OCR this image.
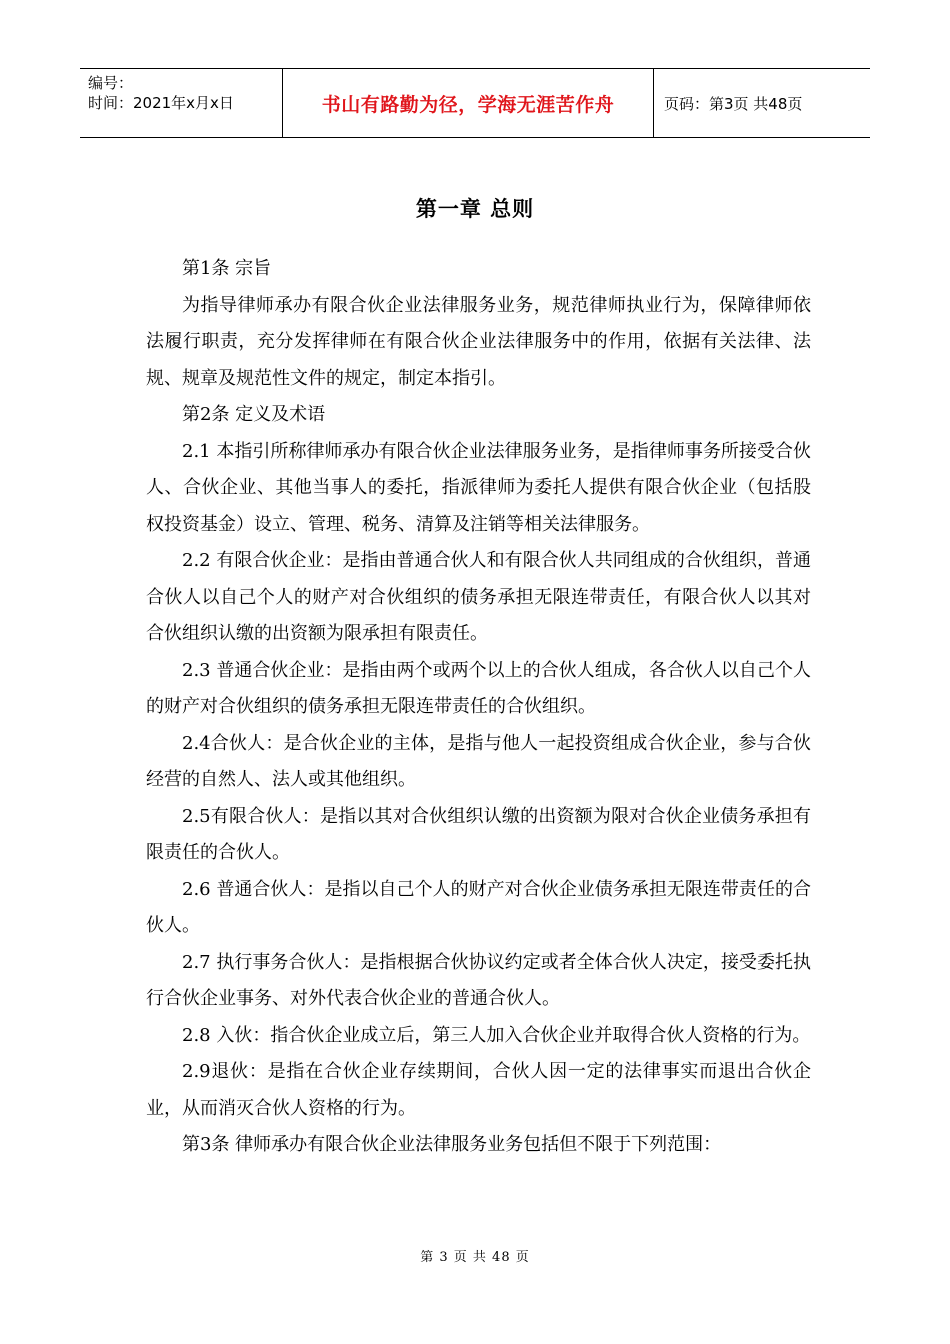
编号：
时间：2021年x月x日	书山有路勤为径，学海无涯苦作舟	页码：第3页 共48页
第一章 总则

第1条 宗旨

为指导律师承办有限合伙企业法律服务业务，规范律师执业行为，保障律师依法履行职责，充分发挥律师在有限合伙企业法律服务中的作用，依据有关法律、法规、规章及规范性文件的规定，制定本指引。

第2条 定义及术语

2.1 本指引所称律师承办有限合伙企业法律服务业务，是指律师事务所接受合伙人、合伙企业、其他当事人的委托，指派律师为委托人提供有限合伙企业（包括股权投资基金）设立、管理、税务、清算及注销等相关法律服务。

2.2 有限合伙企业：是指由普通合伙人和有限合伙人共同组成的合伙组织，普通合伙人以自己个人的财产对合伙组织的债务承担无限连带责任，有限合伙人以其对合伙组织认缴的出资额为限承担有限责任。

2.3 普通合伙企业：是指由两个或两个以上的合伙人组成，各合伙人以自己个人的财产对合伙组织的债务承担无限连带责任的合伙组织。

2.4合伙人：是合伙企业的主体，是指与他人一起投资组成合伙企业，参与合伙经营的自然人、法人或其他组织。

2.5有限合伙人：是指以其对合伙组织认缴的出资额为限对合伙企业债务承担有限责任的合伙人。

2.6 普通合伙人：是指以自己个人的财产对合伙企业债务承担无限连带责任的合伙人。

2.7 执行事务合伙人：是指根据合伙协议约定或者全体合伙人决定，接受委托执行合伙企业事务、对外代表合伙企业的普通合伙人。

2.8 入伙：指合伙企业成立后，第三人加入合伙企业并取得合伙人资格的行为。

2.9退伙：是指在合伙企业存续期间，合伙人因一定的法律事实而退出合伙企业，从而消灭合伙人资格的行为。

第3条 律师承办有限合伙企业法律服务业务包括但不限于下列范围：

第 3 页 共 48 页
